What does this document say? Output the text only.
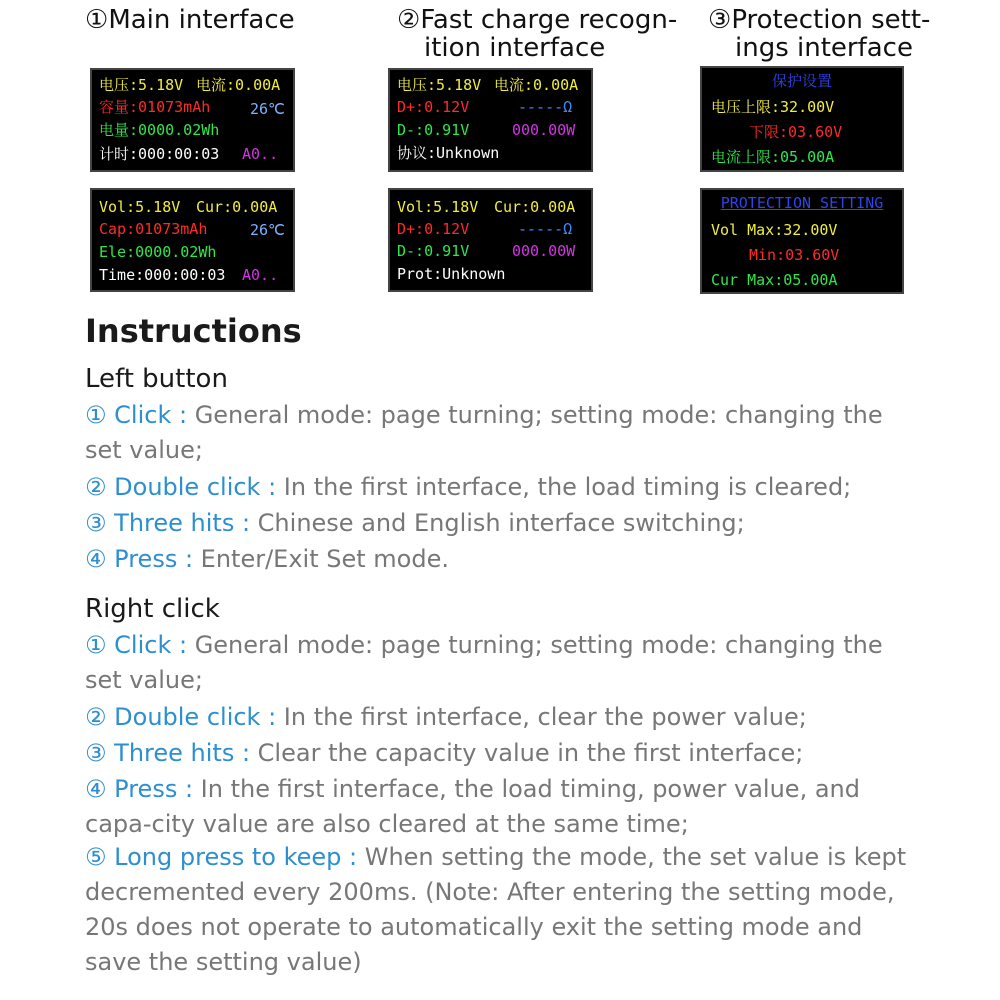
①Main interface	②Fast charge recogn-
ition interface
③Protection sett-
ings interface
电压:5.18V 电流:0.00A
容量:01073mAh	26℃
电量:0000.02Wh
计时:000:00:03 A0..
Vol:5.18V Cur:0.00A
Cap:01073mAh	26℃
Ele:0000.02Wh
Time:000:00:03 A0..
电压:5.18V 电流:0.00A
D+:0.12V	-----Ω
D-:0.91V	000.00W
协议:Unknown
Vol:5.18V Cur:0.00A
D+:0.12V	-----Ω
D-:0.91V	000.00W
Prot:Unknown
保护设置
电压上限:32.00V
下限:03.60V
电流上限:05.00A
PROTECTION SETTING
Vol Max:32.00V
Min:03.60V
Cur Max:05.00A
Instructions
Left button
① Click : General mode: page turning; setting mode: changing the set value;
② Double click : In the first interface, the load timing is cleared;
③ Three hits : Chinese and English interface switching;
④ Press : Enter/Exit Set mode.
Right click
① Click : General mode: page turning; setting mode: changing the set value;
② Double click : In the first interface, clear the power value;
③ Three hits : Clear the capacity value in the first interface;
④ Press : In the first interface, the load timing, power value, and capa-city value are also cleared at the same time;
⑤ Long press to keep : When setting the mode, the set value is kept decremented every 200ms. (Note: After entering the setting mode, 20s does not operate to automatically exit the setting mode and save the setting value)
